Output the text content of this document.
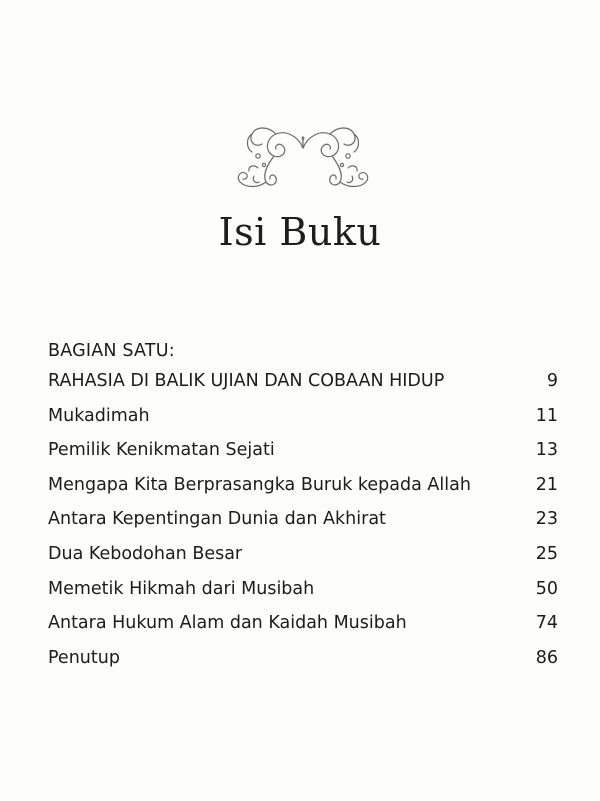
Isi Buku
BAGIAN SATU:
RAHASIA DI BALIK UJIAN DAN COBAAN HIDUP	9
Mukadimah	11
Pemilik Kenikmatan Sejati	13
Mengapa Kita Berprasangka Buruk kepada Allah	21
Antara Kepentingan Dunia dan Akhirat	23
Dua Kebodohan Besar	25
Memetik Hikmah dari Musibah	50
Antara Hukum Alam dan Kaidah Musibah	74
Penutup	86
